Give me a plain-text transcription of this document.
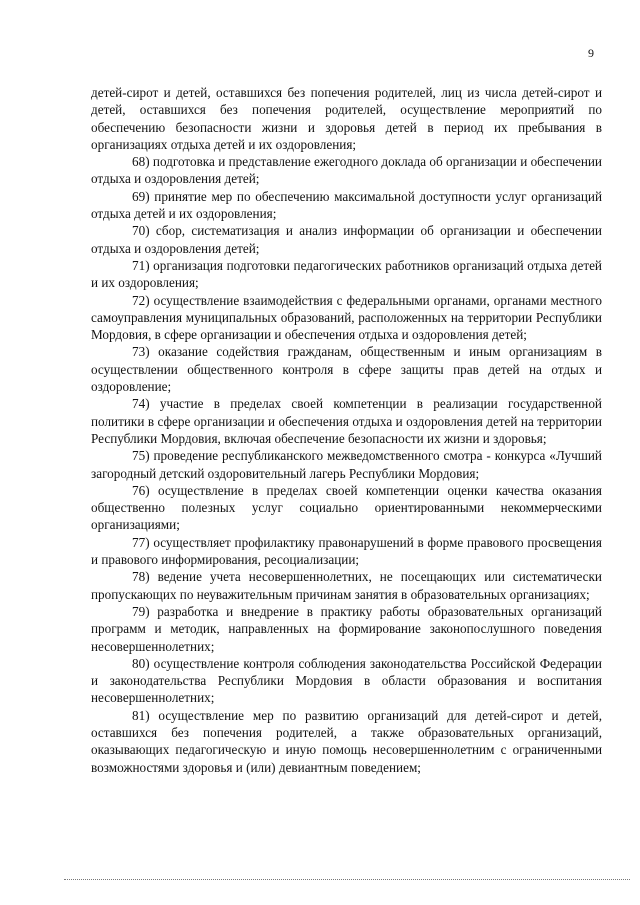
9

детей-сирот и детей, оставшихся без попечения родителей, лиц из числа детей-сирот и детей, оставшихся без попечения родителей, осуществление мероприятий по обеспечению безопасности жизни и здоровья детей в период их пребывания в организациях отдыха детей и их оздоровления;

68) подготовка и представление ежегодного доклада об организации и обеспечении отдыха и оздоровления детей;

69) принятие мер по обеспечению максимальной доступности услуг организаций отдыха детей и их оздоровления;

70) сбор, систематизация и анализ информации об организации и обеспечении отдыха и оздоровления детей;

71) организация подготовки педагогических работников организаций отдыха детей и их оздоровления;

72) осуществление взаимодействия с федеральными органами, органами местного самоуправления муниципальных образований, расположенных на территории Республики Мордовия, в сфере организации и обеспечения отдыха и оздоровления детей;

73) оказание содействия гражданам, общественным и иным организациям в осуществлении общественного контроля в сфере защиты прав детей на отдых и оздоровление;

74) участие в пределах своей компетенции в реализации государственной политики в сфере организации и обеспечения отдыха и оздоровления детей на территории Республики Мордовия, включая обеспечение безопасности их жизни и здоровья;

75) проведение республиканского межведомственного смотра - конкурса «Лучший загородный детский оздоровительный лагерь Республики Мордовия;

76) осуществление в пределах своей компетенции оценки качества оказания общественно полезных услуг социально ориентированными некоммерческими организациями;

77) осуществляет профилактику правонарушений в форме правового просвещения и правового информирования, ресоциализации;

78) ведение учета несовершеннолетних, не посещающих или систематически пропускающих по неуважительным причинам занятия в образовательных организациях;

79) разработка и внедрение в практику работы образовательных организаций программ и методик, направленных на формирование законопослушного поведения несовершеннолетних;

80) осуществление контроля соблюдения законодательства Российской Федерации и законодательства Республики Мордовия в области образования и воспитания несовершеннолетних;

81) осуществление мер по развитию организаций для детей-сирот и детей, оставшихся без попечения родителей, а также образовательных организаций, оказывающих педагогическую и иную помощь несовершеннолетним с ограниченными возможностями здоровья и (или) девиантным поведением;
